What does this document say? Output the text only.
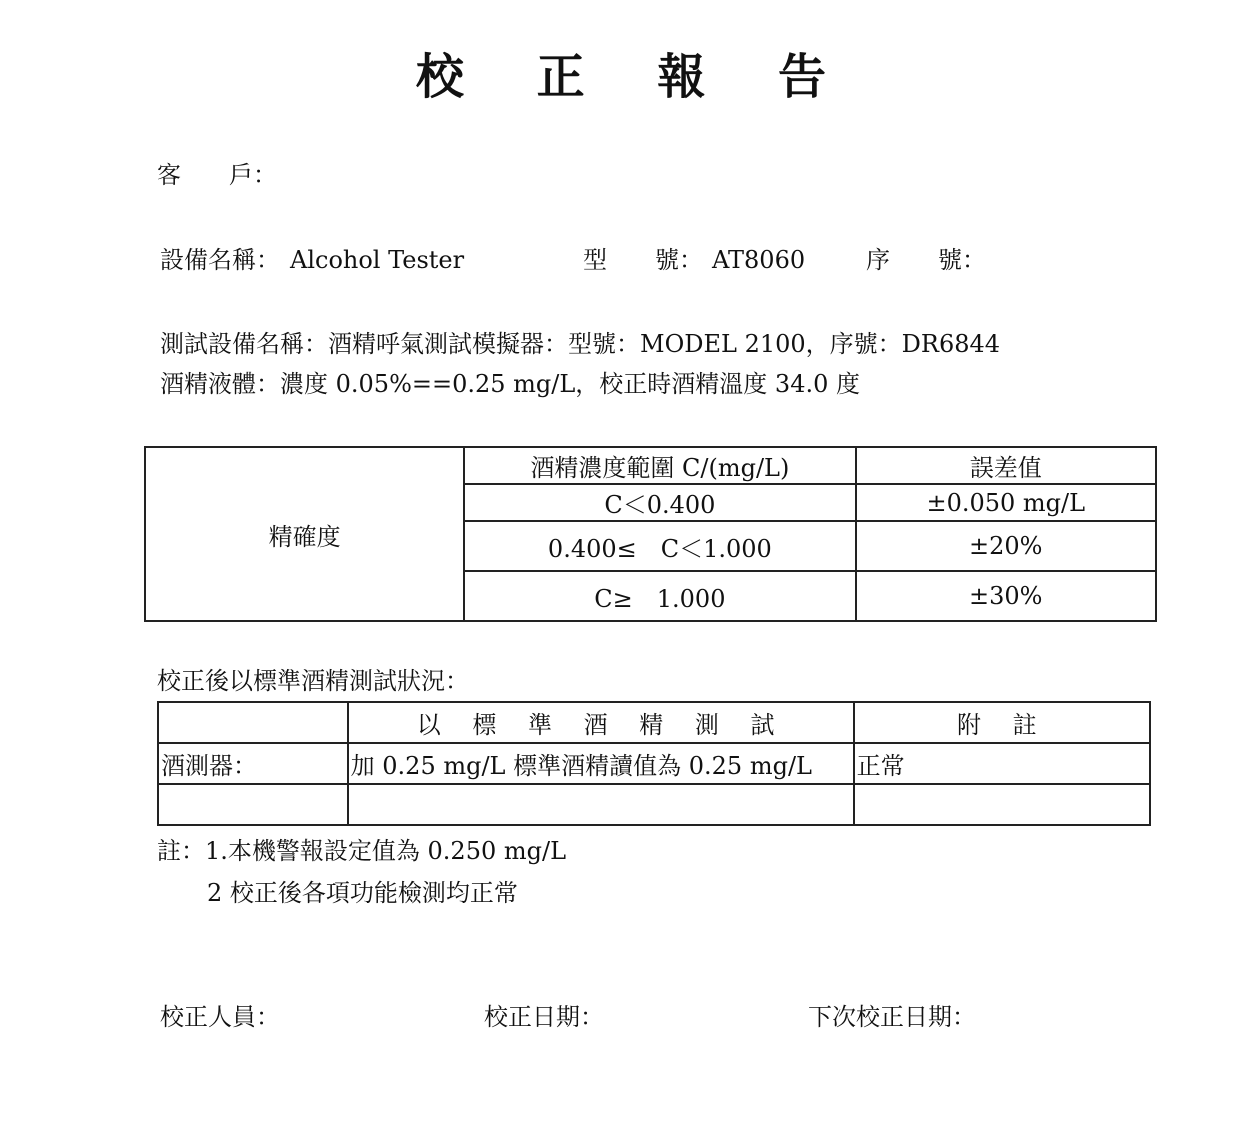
校 正 報 告
客　　戶：
設備名稱： Alcohol Tester	型　　號： AT8060	序　　號：
測試設備名稱：酒精呼氣測試模擬器：型號：MODEL 2100，序號：DR6844
酒精液體：濃度 0.05%==0.25 mg/L，校正時酒精溫度 34.0 度
精確度	酒精濃度範圍 C/(mg/L)	誤差值
	C＜0.400	±0.050 mg/L
	0.400≤　C＜1.000	±20%
	C≥　1.000	±30%
校正後以標準酒精測試狀況：
	以 標 準 酒 精 測 試	附 註
酒測器：	加 0.25 mg/L 標準酒精讀值為 0.25 mg/L	正常

註：1.本機警報設定值為 0.250 mg/L
2 校正後各項功能檢測均正常
校正人員：	校正日期：	下次校正日期：
